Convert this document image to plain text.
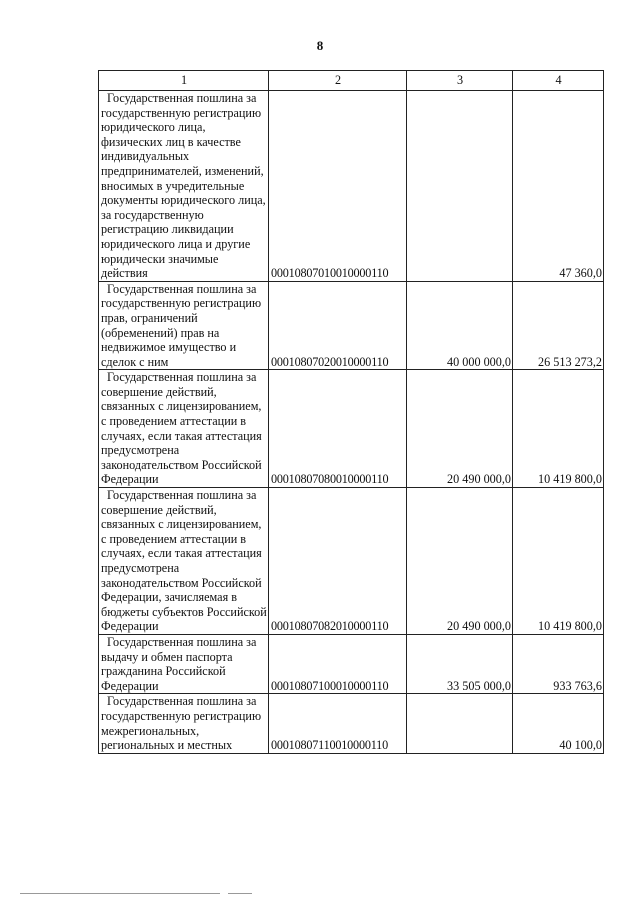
8
1	2	3	4
Государственная пошлина за государственную регистрацию юридического лица, физических лиц в качестве индивидуальных предпринимателей, изменений, вносимых в учредительные документы юридического лица, за государственную регистрацию ликвидации юридического лица и другие юридически значимые действия	00010807010010000110		47 360,0
Государственная пошлина за государственную регистрацию прав, ограничений (обременений) прав на недвижимое имущество и сделок с ним	00010807020010000110	40 000 000,0	26 513 273,2
Государственная пошлина за совершение действий, связанных с лицензированием, с проведением аттестации в случаях, если такая аттестация предусмотрена законодательством Российской Федерации	00010807080010000110	20 490 000,0	10 419 800,0
Государственная пошлина за совершение действий, связанных с лицензированием, с проведением аттестации в случаях, если такая аттестация предусмотрена законодательством Российской Федерации, зачисляемая в бюджеты субъектов Российской Федерации	00010807082010000110	20 490 000,0	10 419 800,0
Государственная пошлина за выдачу и обмен паспорта гражданина Российской Федерации	00010807100010000110	33 505 000,0	933 763,6
Государственная пошлина за государственную регистрацию межрегиональных, региональных и местных	00010807110010000110		40 100,0
